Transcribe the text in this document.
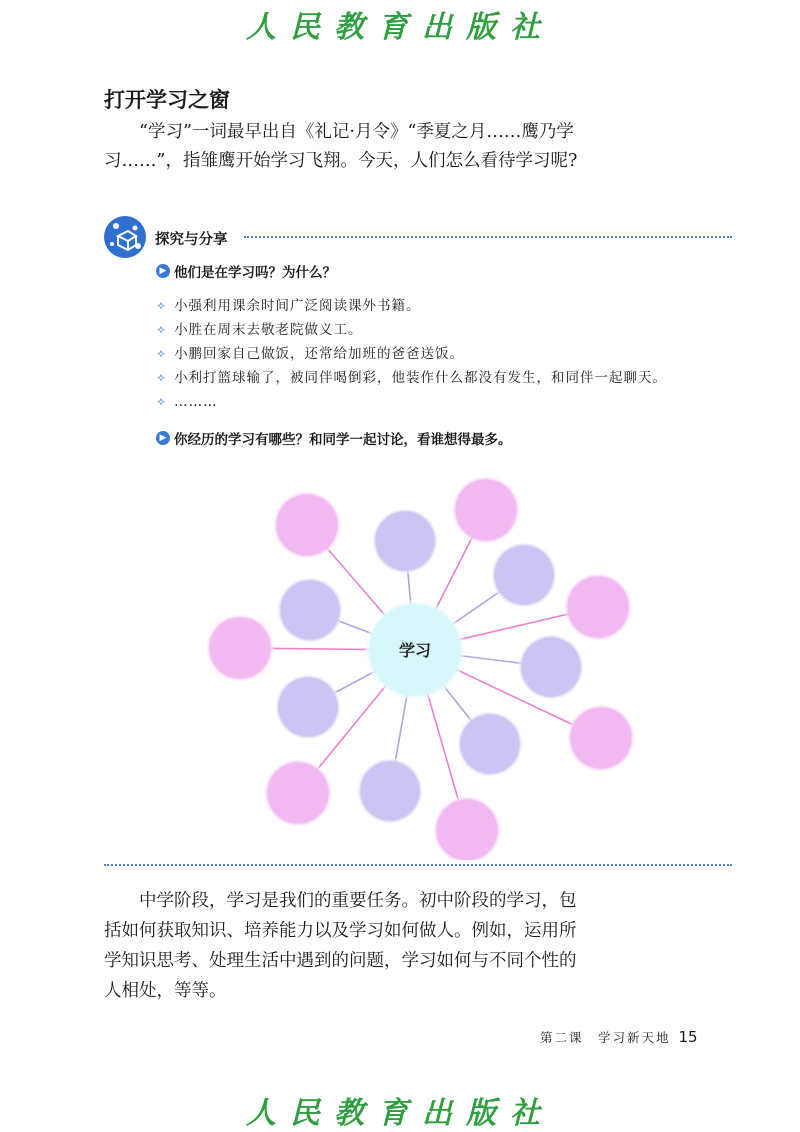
人民教育出版社
打开学习之窗

“学习”一词最早出自《礼记·月令》“季夏之月……鹰乃学习……”，指雏鹰开始学习飞翔。今天，人们怎么看待学习呢?

探究与分享
▶ 他们是在学习吗？为什么？
✧ 小强利用课余时间广泛阅读课外书籍。
✧ 小胜在周末去敬老院做义工。
✧ 小鹏回家自己做饭，还常给加班的爸爸送饭。
✧ 小利打篮球输了，被同伴喝倒彩，他装作什么都没有发生，和同伴一起聊天。
✧ ………
▶ 你经历的学习有哪些？和同学一起讨论，看谁想得最多。
学习

中学阶段，学习是我们的重要任务。初中阶段的学习，包括如何获取知识、培养能力以及学习如何做人。例如，运用所学知识思考、处理生活中遇到的问题，学习如何与不同个性的人相处，等等。

第二课　学习新天地 15
人民教育出版社
